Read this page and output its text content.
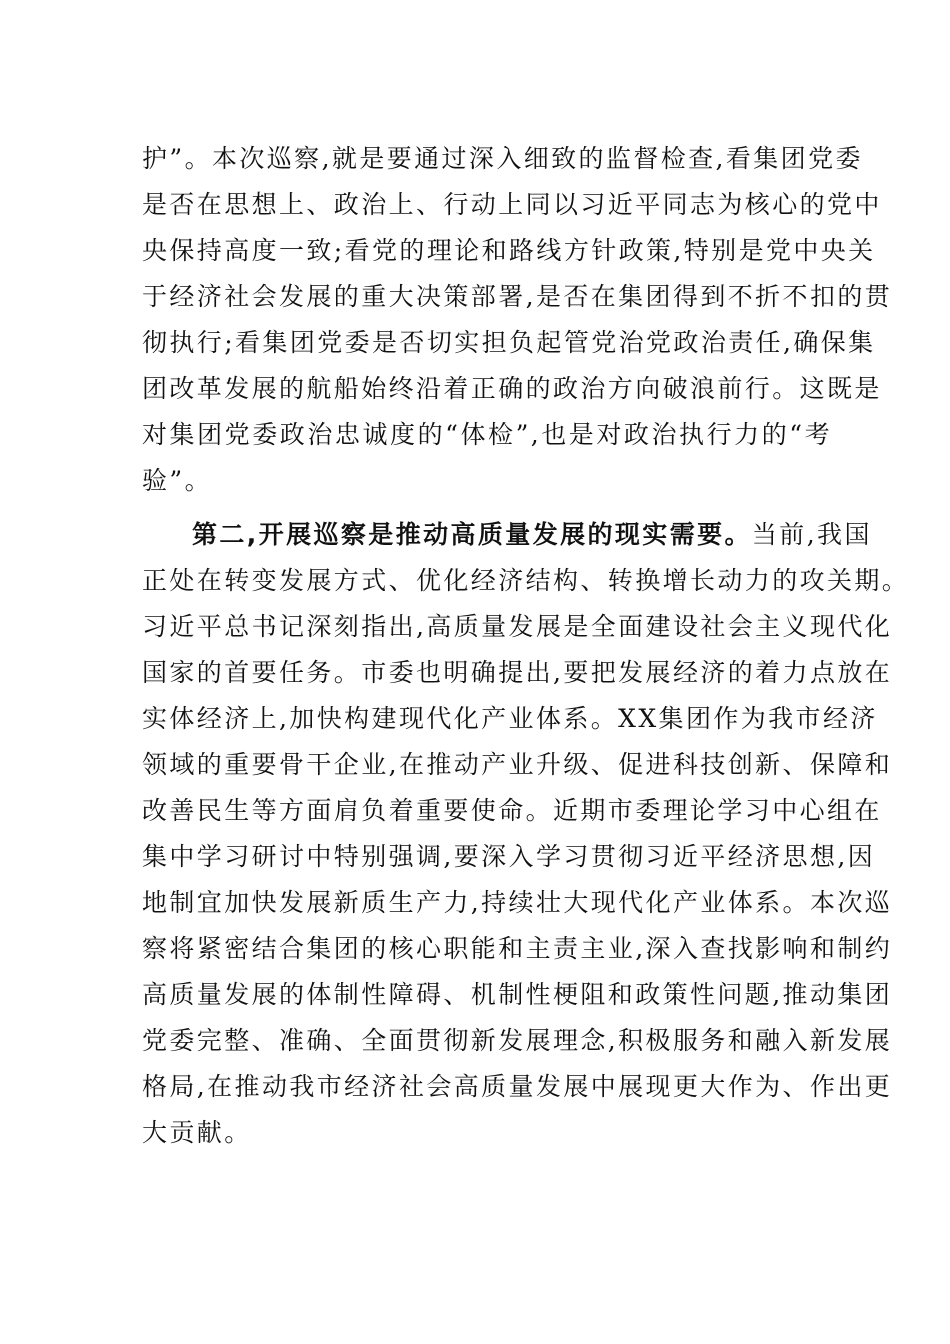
护”。本次巡察,就是要通过深入细致的监督检查,看集团党委
是否在思想上、政治上、行动上同以习近平同志为核心的党中
央保持高度一致;看党的理论和路线方针政策,特别是党中央关
于经济社会发展的重大决策部署,是否在集团得到不折不扣的贯
彻执行;看集团党委是否切实担负起管党治党政治责任,确保集
团改革发展的航船始终沿着正确的政治方向破浪前行。这既是
对集团党委政治忠诚度的“体检”,也是对政治执行力的“考
验”。
第二,开展巡察是推动高质量发展的现实需要。当前,我国
正处在转变发展方式、优化经济结构、转换增长动力的攻关期。
习近平总书记深刻指出,高质量发展是全面建设社会主义现代化
国家的首要任务。市委也明确提出,要把发展经济的着力点放在
实体经济上,加快构建现代化产业体系。XX集团作为我市经济
领域的重要骨干企业,在推动产业升级、促进科技创新、保障和
改善民生等方面肩负着重要使命。近期市委理论学习中心组在
集中学习研讨中特别强调,要深入学习贯彻习近平经济思想,因
地制宜加快发展新质生产力,持续壮大现代化产业体系。本次巡
察将紧密结合集团的核心职能和主责主业,深入查找影响和制约
高质量发展的体制性障碍、机制性梗阻和政策性问题,推动集团
党委完整、准确、全面贯彻新发展理念,积极服务和融入新发展
格局,在推动我市经济社会高质量发展中展现更大作为、作出更
大贡献。
